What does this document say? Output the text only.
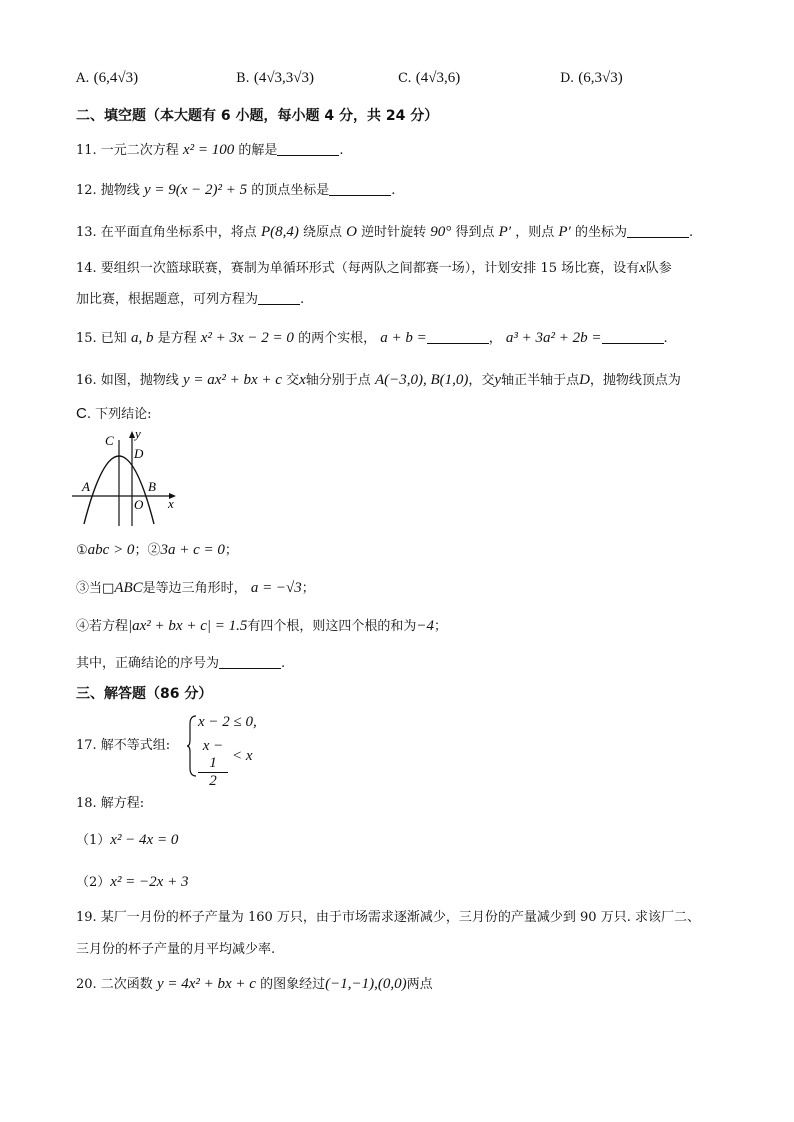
A. (6,4√3)	B. (4√3,3√3)	C. (4√3,6)	D. (6,3√3)
二、填空题（本大题有 6 小题，每小题 4 分，共 24 分）
11. 一元二次方程 x² = 100 的解是	.
12. 抛物线 y = 9(x − 2)² + 5 的顶点坐标是	.
13. 在平面直角坐标系中，将点 P(8,4) 绕原点 O 逆时针旋转 90° 得到点 P′ ，则点 P′ 的坐标为	.
14. 要组织一次篮球联赛，赛制为单循环形式（每两队之间都赛一场），计划安排 15 场比赛，设有x队参
加比赛，根据题意，可列方程为	.
15. 已知 a, b 是方程 x² + 3x − 2 = 0 的两个实根， a + b =	， a³ + 3a² + 2b =	.
16. 如图，抛物线 y = ax² + bx + c 交x轴分别于点 A(−3,0), B(1,0)，交y轴正半轴于点D，抛物线顶点为
C. 下列结论:
C y
D
A	B
O x
①abc > 0；②3a + c = 0；
③当□ABC是等边三角形时， a = −√3；
④若方程|ax² + bx + c| = 1.5有四个根，则这四个根的和为−4；
其中，正确结论的序号为	.
三、解答题（86 分）
17. 解不等式组:
x − 2 ≤ 0,
$\frac{x - 1}{2} < x$
18. 解方程:
（1）x² − 4x = 0
（2）x² = −2x + 3
19. 某厂一月份的杯子产量为 160 万只，由于市场需求逐渐减少，三月份的产量减少到 90 万只. 求该厂二、
三月份的杯子产量的月平均减少率.
20. 二次函数 y = 4x² + bx + c 的图象经过(−1,−1),(0,0)两点
